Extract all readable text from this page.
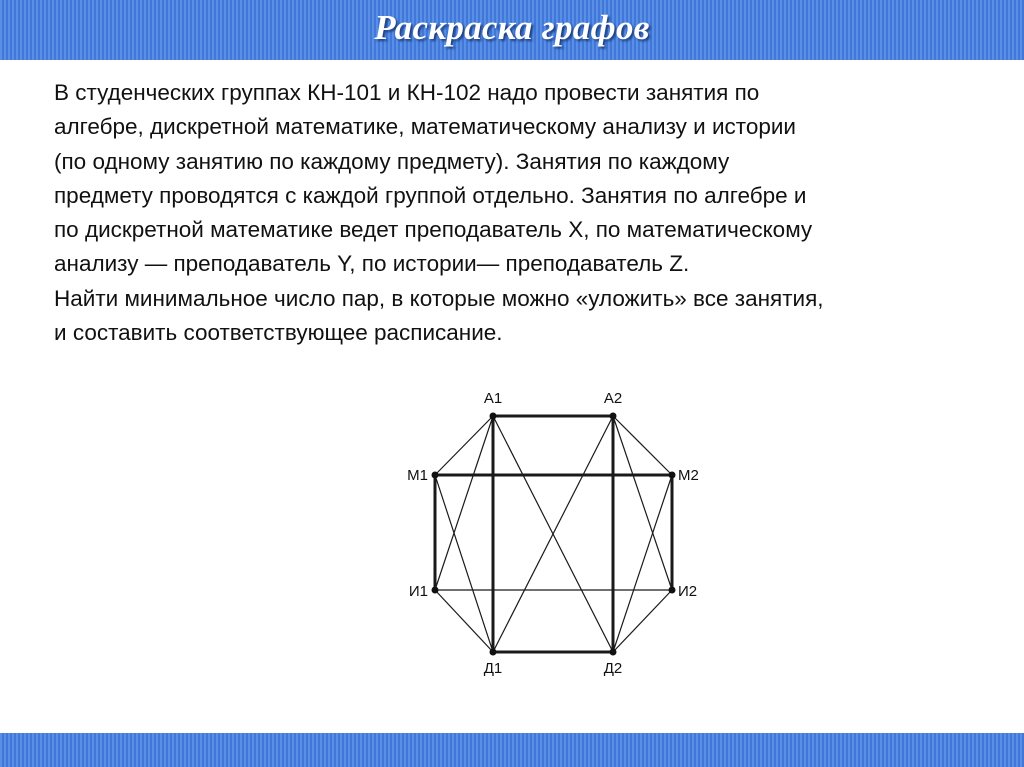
Раскраска графов
В студенческих группах КН-101 и КН-102 надо провести занятия по
алгебре, дискретной математике, математическому анализу и истории
(по одному занятию по каждому предмету). Занятия по каждому
предмету проводятся с каждой группой отдельно. Занятия по алгебре и
по дискретной математике ведет преподаватель X, по математическому
анализу — преподаватель Y, по истории— преподаватель Z.
Найти минимальное число пар, в которые можно «уложить» все занятия,
и составить соответствующее расписание.
А1	А2
М1	М2
И1	И2
Д1	Д2
